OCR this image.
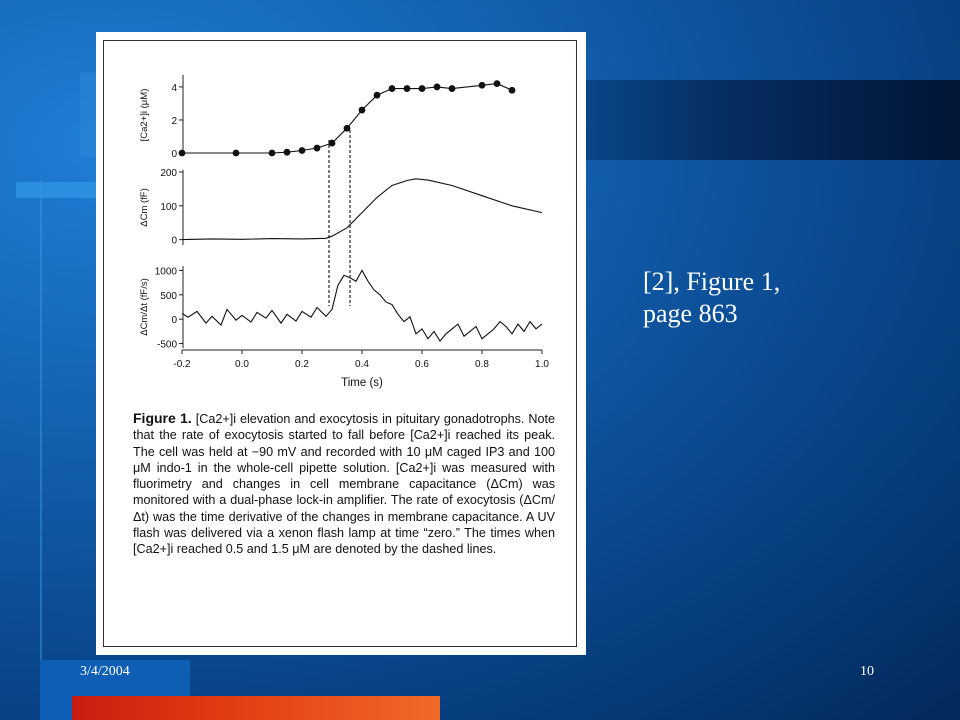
0
2
4
[Ca2+]i (μM)
0
100
200
ΔCm (fF)
-500
0
500
1000
ΔCm/Δt (fF/s)
-0.2	0.0	0.2	0.4	0.6	0.8	1.0
Time (s)

Figure 1. [Ca2+]i elevation and exocytosis in pituitary gonadotrophs. Note that the rate of exocytosis started to fall before [Ca2+]i reached its peak. The cell was held at −90 mV and recorded with 10 μM caged IP3 and 100 μM indo-1 in the whole-cell pipette solution. [Ca2+]i was measured with fluorimetry and changes in cell membrane capacitance (ΔCm) was monitored with a dual-phase lock-in amplifier. The rate of exocytosis (ΔCm/Δt) was the time derivative of the changes in membrane capacitance. A UV flash was delivered via a xenon flash lamp at time “zero.” The times when [Ca2+]i reached 0.5 and 1.5 μM are denoted by the dashed lines.

[2], Figure 1,
page 863
3/4/2004	10
